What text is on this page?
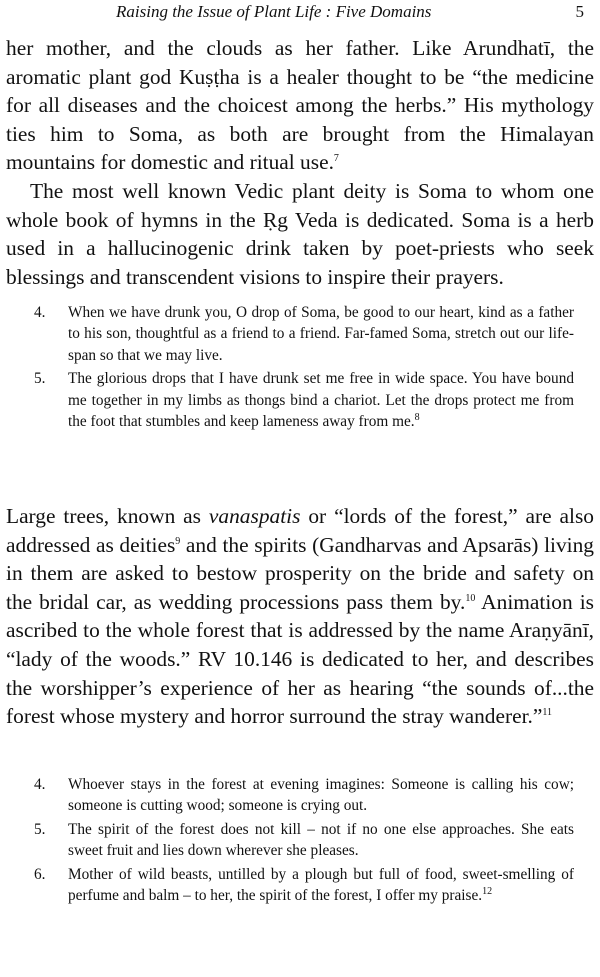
Raising the Issue of Plant Life : Five Domains	5

her mother, and the clouds as her father. Like Arundhatī, the aromatic plant god Kuṣṭha is a healer thought to be “the medicine for all diseases and the choicest among the herbs.” His mythology ties him to Soma, as both are brought from the Himalayan mountains for domestic and ritual use.$^7$

The most well known Vedic plant deity is Soma to whom one whole book of hymns in the Ṛg Veda is dedicated. Soma is a herb used in a hallucinogenic drink taken by poet-priests who seek blessings and transcendent visions to inspire their prayers.

4.	When we have drunk you, O drop of Soma, be good to our heart, kind as a father to his son, thoughtful as a friend to a friend. Far-famed Soma, stretch out our life-span so that we may live.
5.	The glorious drops that I have drunk set me free in wide space. You have bound me together in my limbs as thongs bind a chariot. Let the drops protect me from the foot that stumbles and keep lameness away from me.$^8$

Large trees, known as vanaspatis or “lords of the forest,” are also addressed as deities$^9$ and the spirits (Gandharvas and Apsarās) living in them are asked to bestow prosperity on the bride and safety on the bridal car, as wedding processions pass them by.$^{10}$ Animation is ascribed to the whole forest that is addressed by the name Araṇyānī, “lady of the woods.” RV 10.146 is dedicated to her, and describes the worshipper’s experience of her as hearing “the sounds of...the forest whose mystery and horror surround the stray wanderer.”$^{11}$

4.	Whoever stays in the forest at evening imagines: Someone is calling his cow; someone is cutting wood; someone is crying out.
5.	The spirit of the forest does not kill – not if no one else approaches. She eats sweet fruit and lies down wherever she pleases.
6.	Mother of wild beasts, untilled by a plough but full of food, sweet-smelling of perfume and balm – to her, the spirit of the forest, I offer my praise.$^{12}$
